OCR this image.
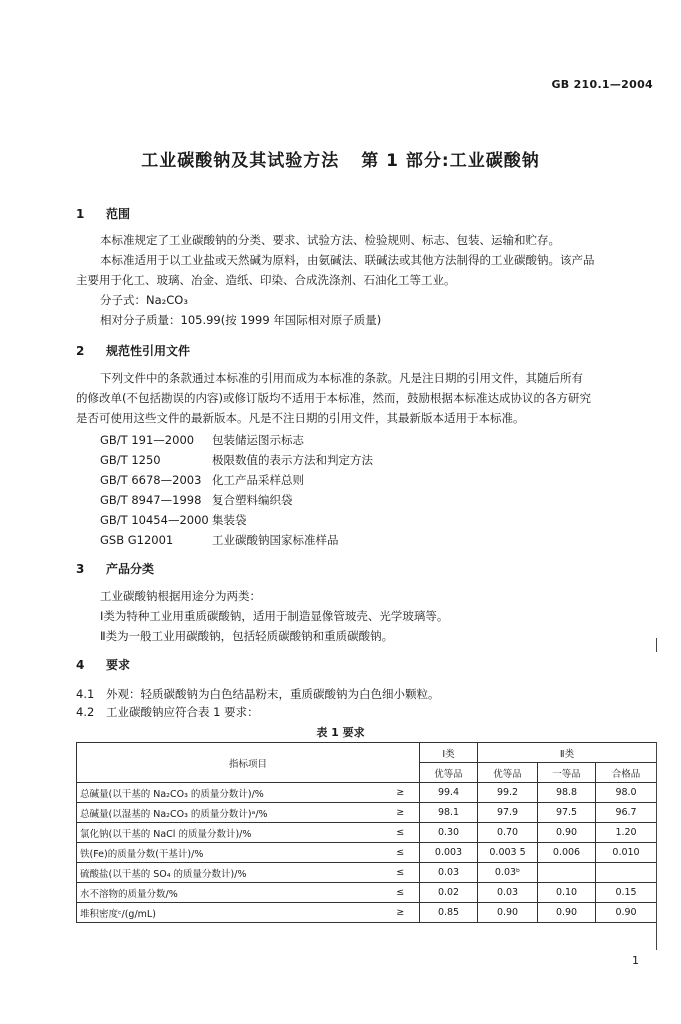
GB 210.1—2004
工业碳酸钠及其试验方法 第 1 部分:工业碳酸钠
1 范围
本标准规定了工业碳酸钠的分类、要求、试验方法、检验规则、标志、包装、运输和贮存。
本标准适用于以工业盐或天然碱为原料，由氨碱法、联碱法或其他方法制得的工业碳酸钠。该产品
主要用于化工、玻璃、冶金、造纸、印染、合成洗涤剂、石油化工等工业。
分子式：Na₂CO₃
相对分子质量：105.99(按 1999 年国际相对原子质量)
2 规范性引用文件
下列文件中的条款通过本标准的引用而成为本标准的条款。凡是注日期的引用文件，其随后所有
的修改单(不包括勘误的内容)或修订版均不适用于本标准，然而，鼓励根据本标准达成协议的各方研究
是否可使用这些文件的最新版本。凡是不注日期的引用文件，其最新版本适用于本标准。
GB/T 191—2000 包装储运图示标志
GB/T 1250	极限数值的表示方法和判定方法
GB/T 6678—2003 化工产品采样总则
GB/T 8947—1998 复合塑料编织袋
GB/T 10454—2000 集装袋
GSB G12001	工业碳酸钠国家标准样品
3 产品分类
工业碳酸钠根据用途分为两类：
Ⅰ类为特种工业用重质碳酸钠，适用于制造显像管玻壳、光学玻璃等。
Ⅱ类为一般工业用碳酸钠，包括轻质碳酸钠和重质碳酸钠。
4 要求
4.1 外观：轻质碳酸钠为白色结晶粉末，重质碳酸钠为白色细小颗粒。
4.2 工业碳酸钠应符合表 1 要求：
表 1 要求
指标项目		Ⅰ类	Ⅱ类		
		优等品	优等品	一等品	合格品
总碱量(以干基的 Na₂CO₃ 的质量分数计)/%	≥	99.4	99.2	98.8	98.0
总碱量(以湿基的 Na₂CO₃ 的质量分数计)ᵃ/%	≥	98.1	97.9	97.5	96.7
氯化钠(以干基的 NaCl 的质量分数计)/%	≤	0.30	0.70	0.90	1.20
铁(Fe)的质量分数(干基计)/%	≤	0.003	0.003 5	0.006	0.010
硫酸盐(以干基的 SO₄ 的质量分数计)/%	≤	0.03	0.03ᵇ		
水不溶物的质量分数/%	≤	0.02	0.03	0.10	0.15
堆积密度ᶜ/(g/mL)	≥	0.85	0.90	0.90	0.90
1
